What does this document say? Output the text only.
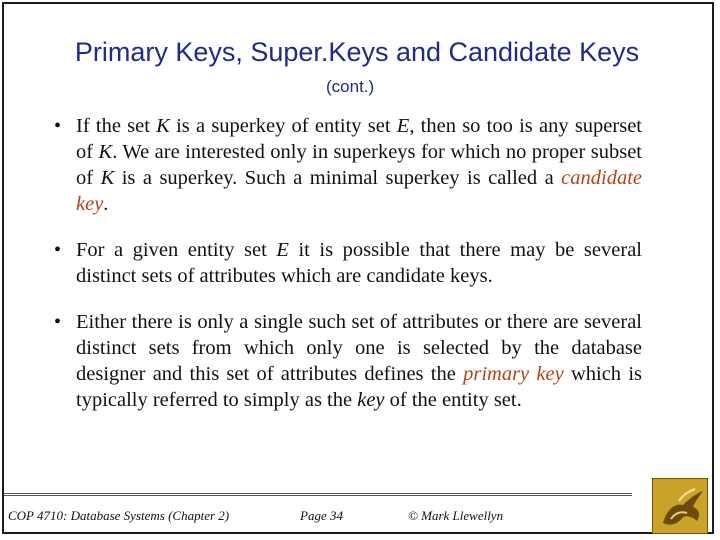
Primary Keys, Super.Keys and Candidate Keys
(cont.)
• If the set K is a superkey of entity set E, then so too is any superset of K. We are interested only in superkeys for which no proper subset of K is a superkey. Such a minimal superkey is called a candidate key.
• For a given entity set E it is possible that there may be several distinct sets of attributes which are candidate keys.
• Either there is only a single such set of attributes or there are several distinct sets from which only one is selected by the database designer and this set of attributes defines the primary key which is typically referred to simply as the key of the entity set.
COP 4710: Database Systems (Chapter 2)	Page 34	© Mark Llewellyn
